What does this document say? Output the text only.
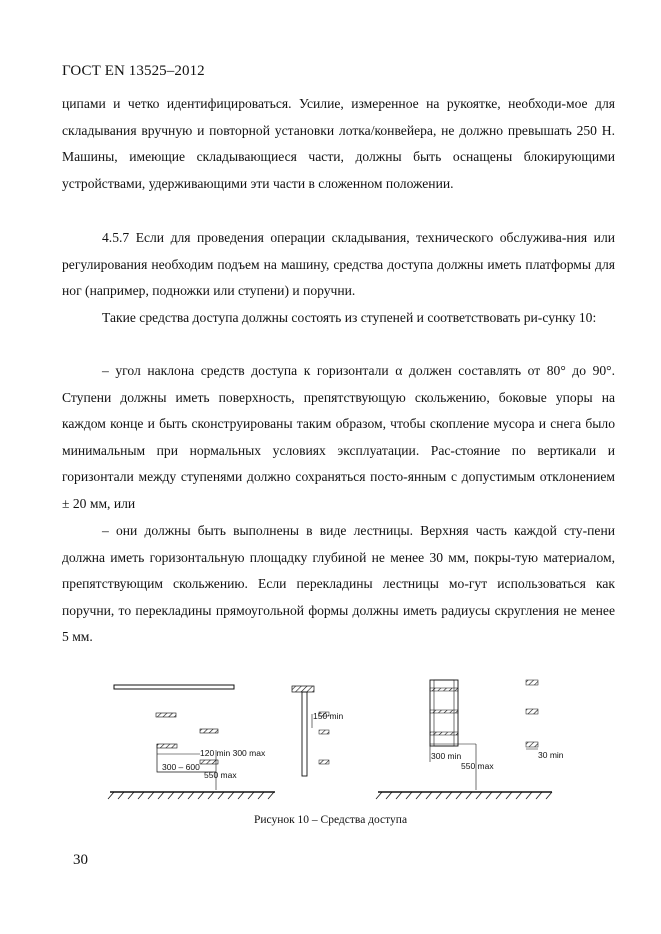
ГОСТ EN 13525–2012
ципами и четко идентифицироваться. Усилие, измеренное на рукоятке, необходи-мое для складывания вручную и повторной установки лотка/конвейера, не должно превышать 250 Н. Машины, имеющие складывающиеся части, должны быть оснащены блокирующими устройствами, удерживающими эти части в сложенном положении.
4.5.7 Если для проведения операции складывания, технического обслужива-ния или регулирования необходим подъем на машину, средства доступа должны иметь платформы для ног (например, подножки или ступени) и поручни.
Такие средства доступа должны состоять из ступеней и соответствовать ри-сунку 10:
– угол наклона средств доступа к горизонтали α должен составлять от 80° до 90°. Ступени должны иметь поверхность, препятствующую скольжению, боковые упоры на каждом конце и быть сконструированы таким образом, чтобы скопление мусора и снега было минимальным при нормальных условиях эксплуатации. Рас-стояние по вертикали и горизонтали между ступенями должно сохраняться посто-янным с допустимым отклонением ± 20 мм, или
– они должны быть выполнены в виде лестницы. Верхняя часть каждой сту-пени должна иметь горизонтальную площадку глубиной не менее 30 мм, покры-тую материалом, препятствующим скольжению. Если перекладины лестницы мо-гут использоваться как поручни, то перекладины прямоугольной формы должны иметь радиусы скругления не менее 5 мм.
120 min 300 max
300 – 600
550 max
150 min
300 min
550 max
30 min
Рисунок 10 – Средства доступа
30
